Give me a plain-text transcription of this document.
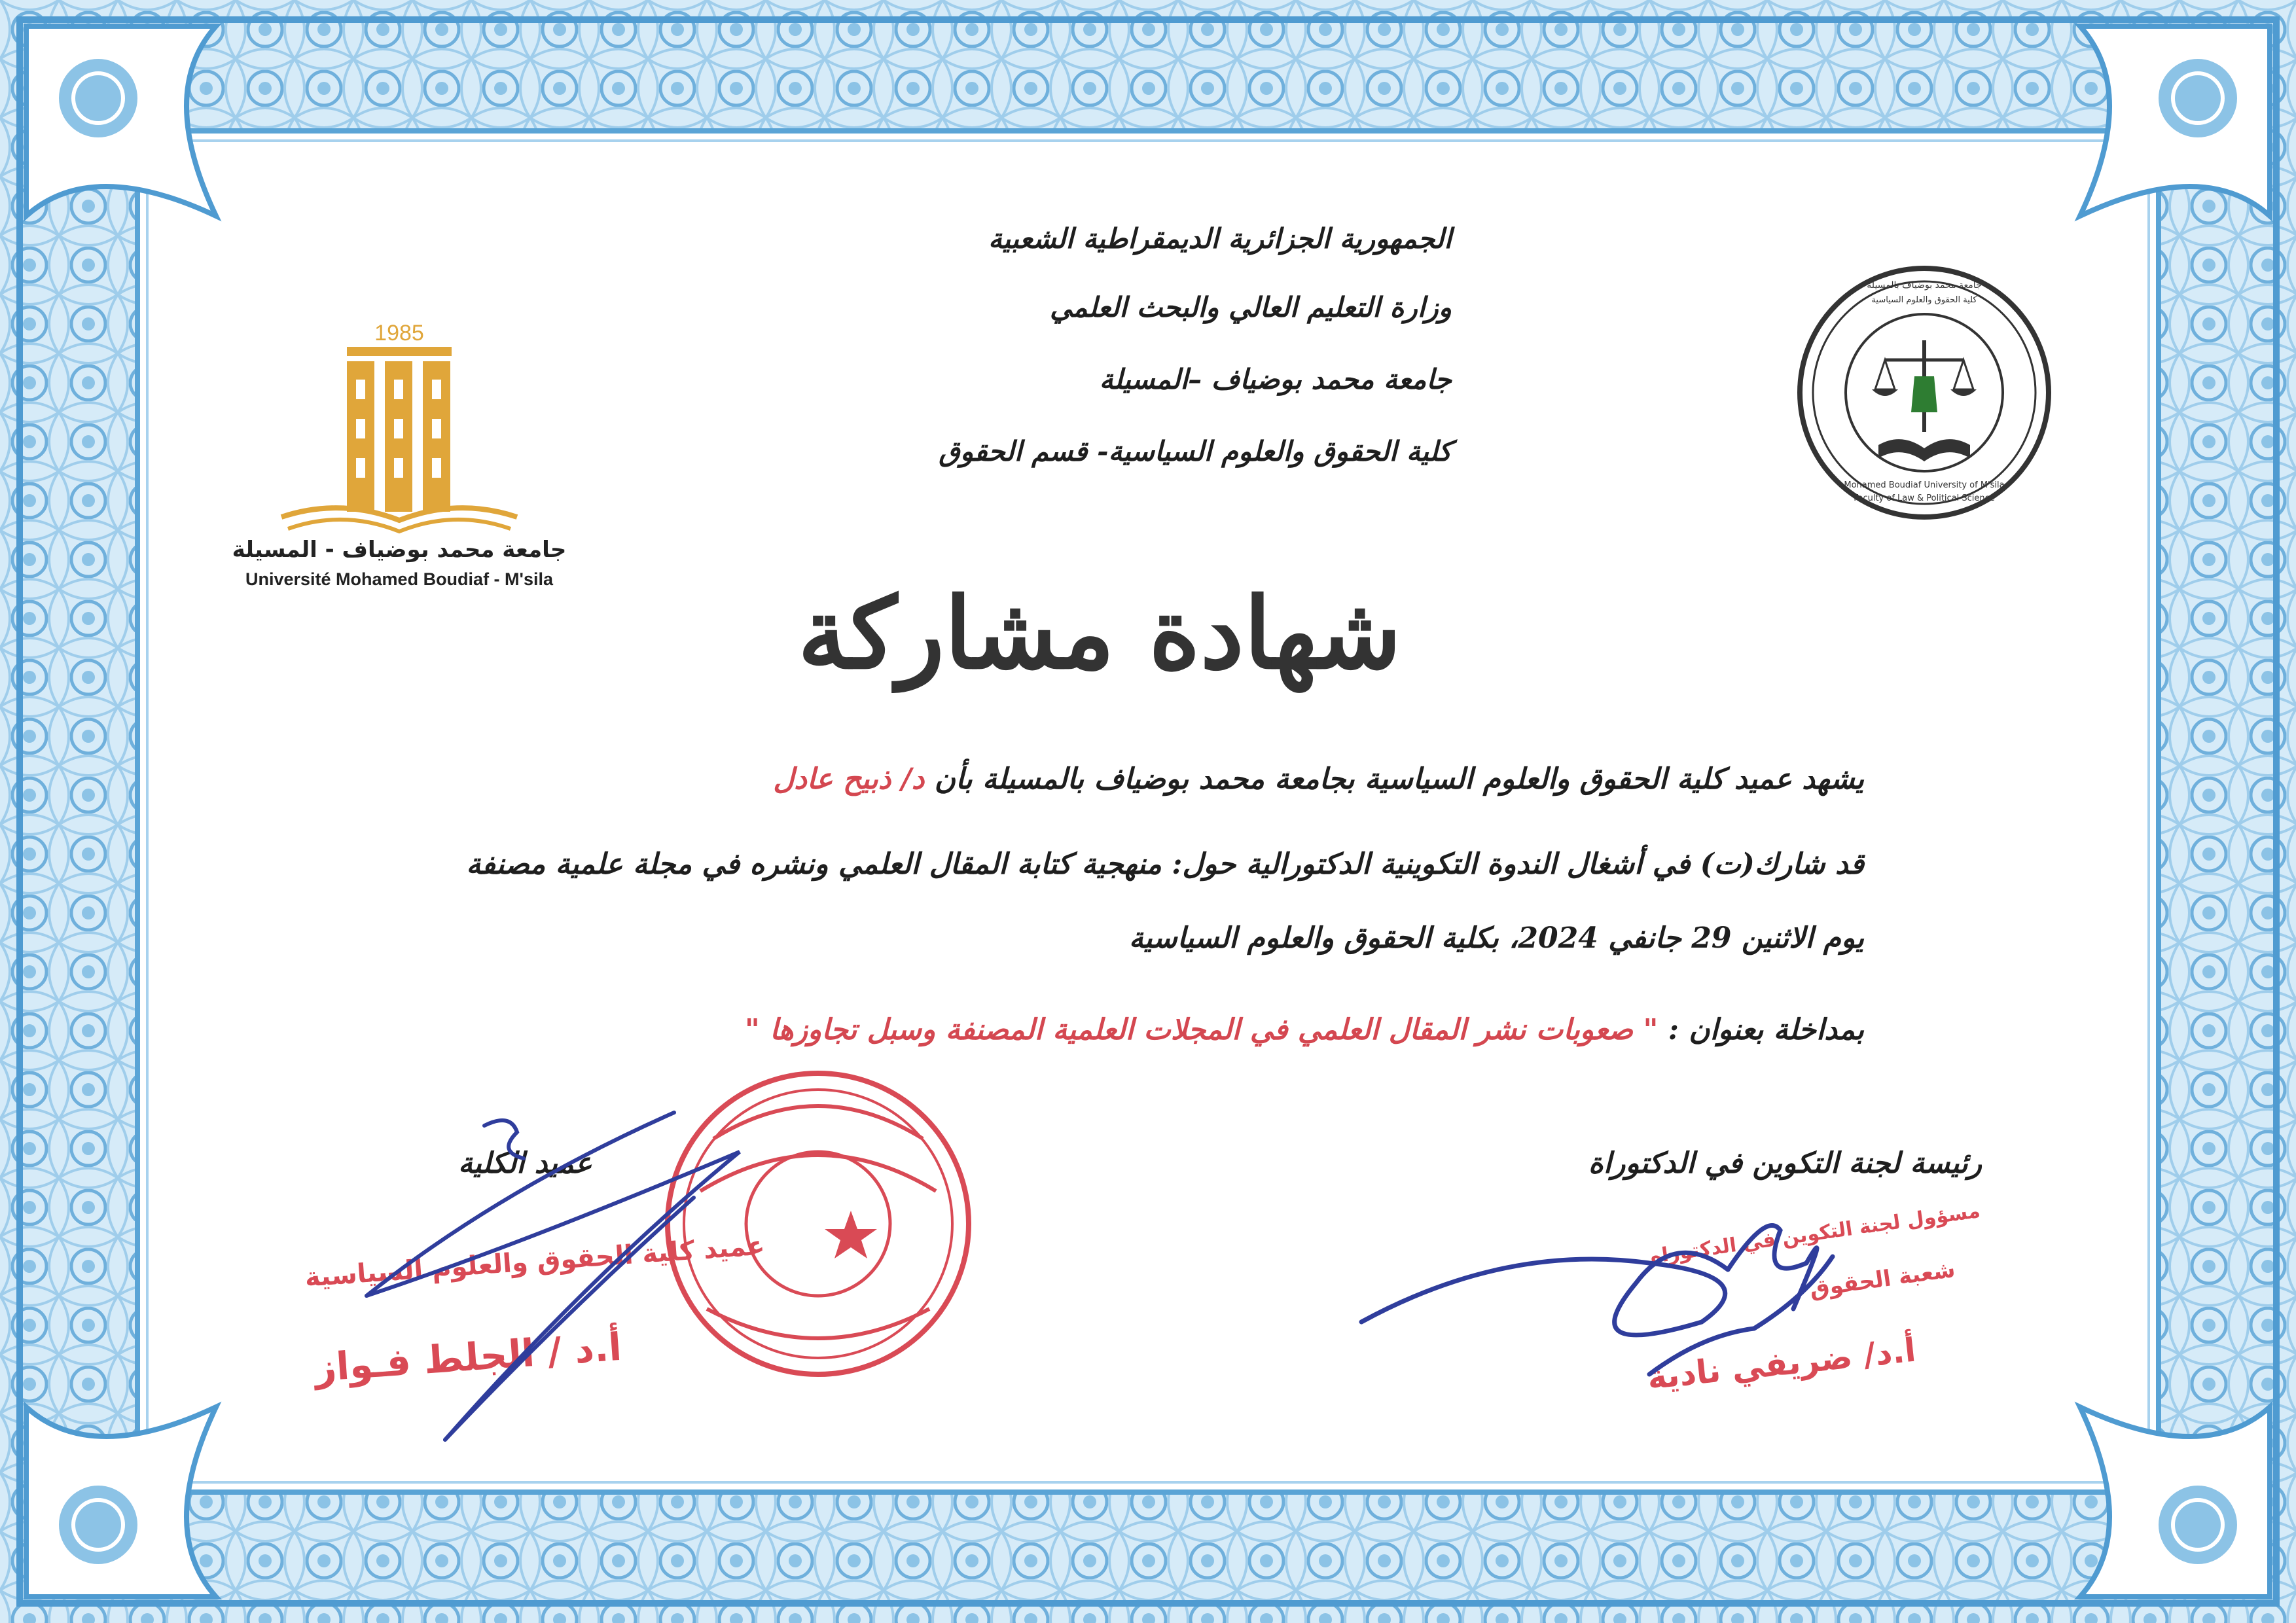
الجمهورية الجزائرية الديمقراطية الشعبية
وزارة التعليم العالي والبحث العلمي
جامعة محمد بوضياف –المسيلة
كلية الحقوق والعلوم السياسية- قسم الحقوق
1985
جامعة محمد بوضياف - المسيلة
Université Mohamed Boudiaf - M'sila
جامعة محمد بوضياف بالمسيلة
كلية الحقوق والعلوم السياسية
Mohamed Boudiaf University of M'sila
Faculty of Law & Political Science
شهادة مشاركة
يشهد عميد كلية الحقوق والعلوم السياسية بجامعة محمد بوضياف بالمسيلة بأن د/ ذبيح عادل
قد شارك(ت) في أشغال الندوة التكوينية الدكتورالية حول: منهجية كتابة المقال العلمي ونشره في مجلة علمية مصنفة
يوم الاثنين 29 جانفي 2024، بكلية الحقوق والعلوم السياسية
بمداخلة بعنوان : " صعوبات نشر المقال العلمي في المجلات العلمية المصنفة وسبل تجاوزها "
عميد الكلية	رئيسة لجنة التكوين في الدكتوراة
عميد كلية الحقوق والعلوم السياسية
أ.د / الجلط فـواز
مسؤول لجنة التكوين في الدكتوراه
شعبة الحقوق
أ.د/ ضريفي نادية
